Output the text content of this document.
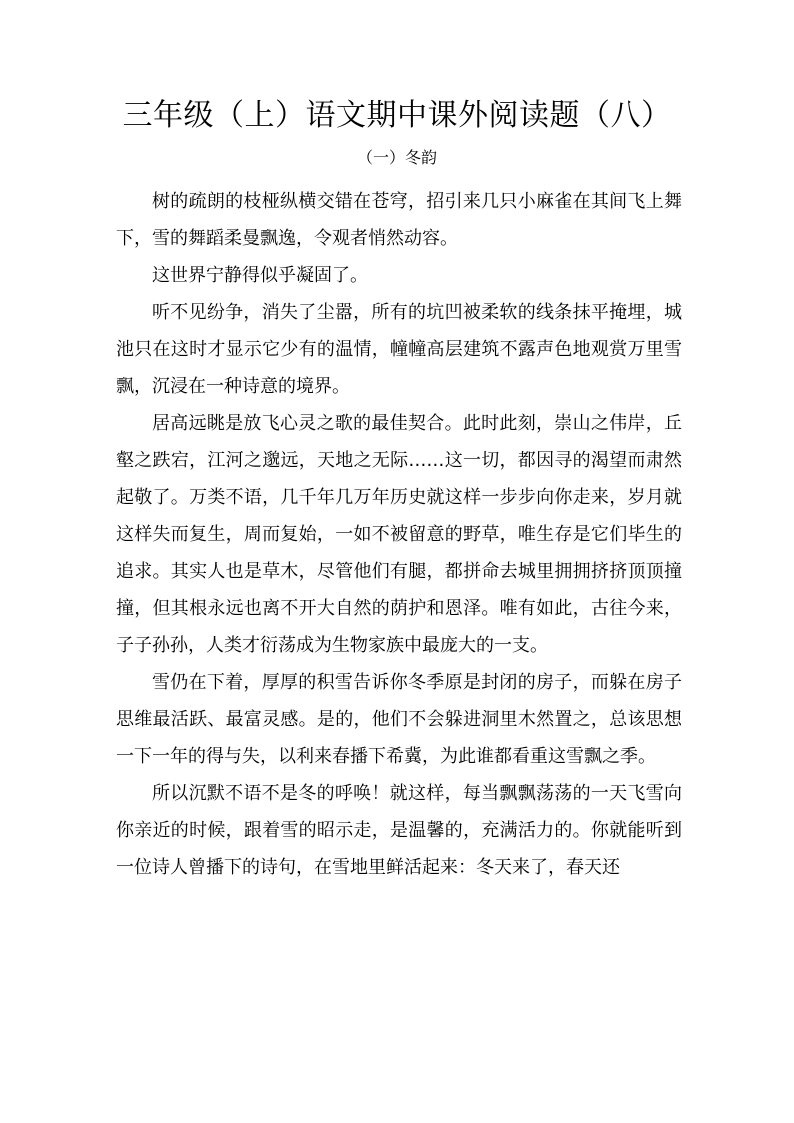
三年级（上）语文期中课外阅读题（八）
（一）冬韵

树的疏朗的枝桠纵横交错在苍穹，招引来几只小麻雀在其间飞上舞下，雪的舞蹈柔曼飘逸，令观者悄然动容。

这世界宁静得似乎凝固了。

听不见纷争，消失了尘嚣，所有的坑凹被柔软的线条抹平掩埋，城池只在这时才显示它少有的温情，幢幢高层建筑不露声色地观赏万里雪飘，沉浸在一种诗意的境界。

居高远眺是放飞心灵之歌的最佳契合。此时此刻，崇山之伟岸，丘壑之跌宕，江河之邈远，天地之无际……这一切，都因寻的渴望而肃然起敬了。万类不语，几千年几万年历史就这样一步步向你走来，岁月就这样失而复生，周而复始，一如不被留意的野草，唯生存是它们毕生的追求。其实人也是草木，尽管他们有腿，都拼命去城里拥拥挤挤顶顶撞撞，但其根永远也离不开大自然的荫护和恩泽。唯有如此，古往今来，子子孙孙，人类才衍荡成为生物家族中最庞大的一支。

雪仍在下着，厚厚的积雪告诉你冬季原是封闭的房子，而躲在房子思维最活跃、最富灵感。是的，他们不会躲进洞里木然置之，总该思想一下一年的得与失，以利来春播下希冀，为此谁都看重这雪飘之季。

所以沉默不语不是冬的呼唤！就这样，每当飘飘荡荡的一天飞雪向你亲近的时候，跟着雪的昭示走，是温馨的，充满活力的。你就能听到一位诗人曾播下的诗句，在雪地里鲜活起来：冬天来了，春天还
